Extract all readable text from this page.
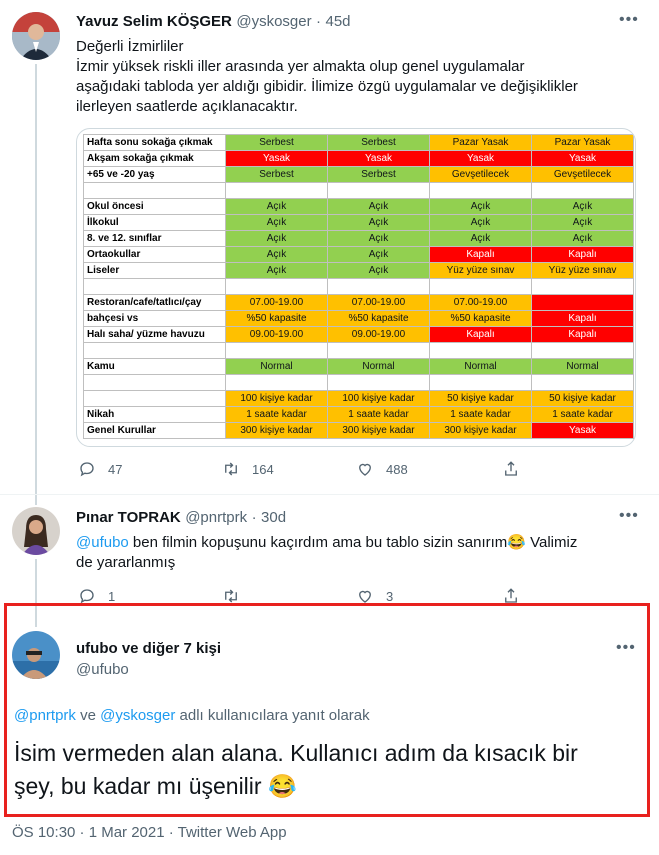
Yavuz Selim KÖŞGER @yskosger · 45d	•••
Değerli İzmirliler
İzmir yüksek riskli iller arasında yer almakta olup genel uygulamalar
aşağıdaki tabloda yer aldığı gibidir. İlimize özgü uygulamalar ve değişiklikler
ilerleyen saatlerde açıklanacaktır.
Hafta sonu sokağa çıkmak	Serbest	Serbest	Pazar Yasak	Pazar Yasak
Akşam sokağa çıkmak	Yasak	Yasak	Yasak	Yasak
+65 ve -20 yaş	Serbest	Serbest	Gevşetilecek	Gevşetilecek

Okul öncesi	Açık	Açık	Açık	Açık
İlkokul	Açık	Açık	Açık	Açık
8. ve 12. sınıflar	Açık	Açık	Açık	Açık
Ortaokullar	Açık	Açık	Kapalı	Kapalı
Liseler	Açık	Açık	Yüz yüze sınav	Yüz yüze sınav

Restoran/cafe/tatlıcı/çay	07.00-19.00	07.00-19.00	07.00-19.00	
bahçesi vs	%50 kapasite	%50 kapasite	%50 kapasite	Kapalı
Halı saha/ yüzme havuzu	09.00-19.00	09.00-19.00	Kapalı	Kapalı

Kamu	Normal	Normal	Normal	Normal

	100 kişiye kadar	100 kişiye kadar	50 kişiye kadar	50 kişiye kadar
Nikah	1 saate kadar	1 saate kadar	1 saate kadar	1 saate kadar
Genel Kurullar	300 kişiye kadar	300 kişiye kadar	300 kişiye kadar	Yasak
47	164	488
Pınar TOPRAK @pnrtprk · 30d	•••
@ufubo ben filmin kopuşunu kaçırdım ama bu tablo sizin sanırım😂 Valimiz
de yararlanmış
1	3
ufubo ve diğer 7 kişi
@ufubo
•••
@pnrtprk ve @yskosger adlı kullanıcılara yanıt olarak
İsim vermeden alan alana. Kullanıcı adım da kısacık bir
şey, bu kadar mı üşenilir 😂
ÖS 10:30 · 1 Mar 2021 · Twitter Web App
